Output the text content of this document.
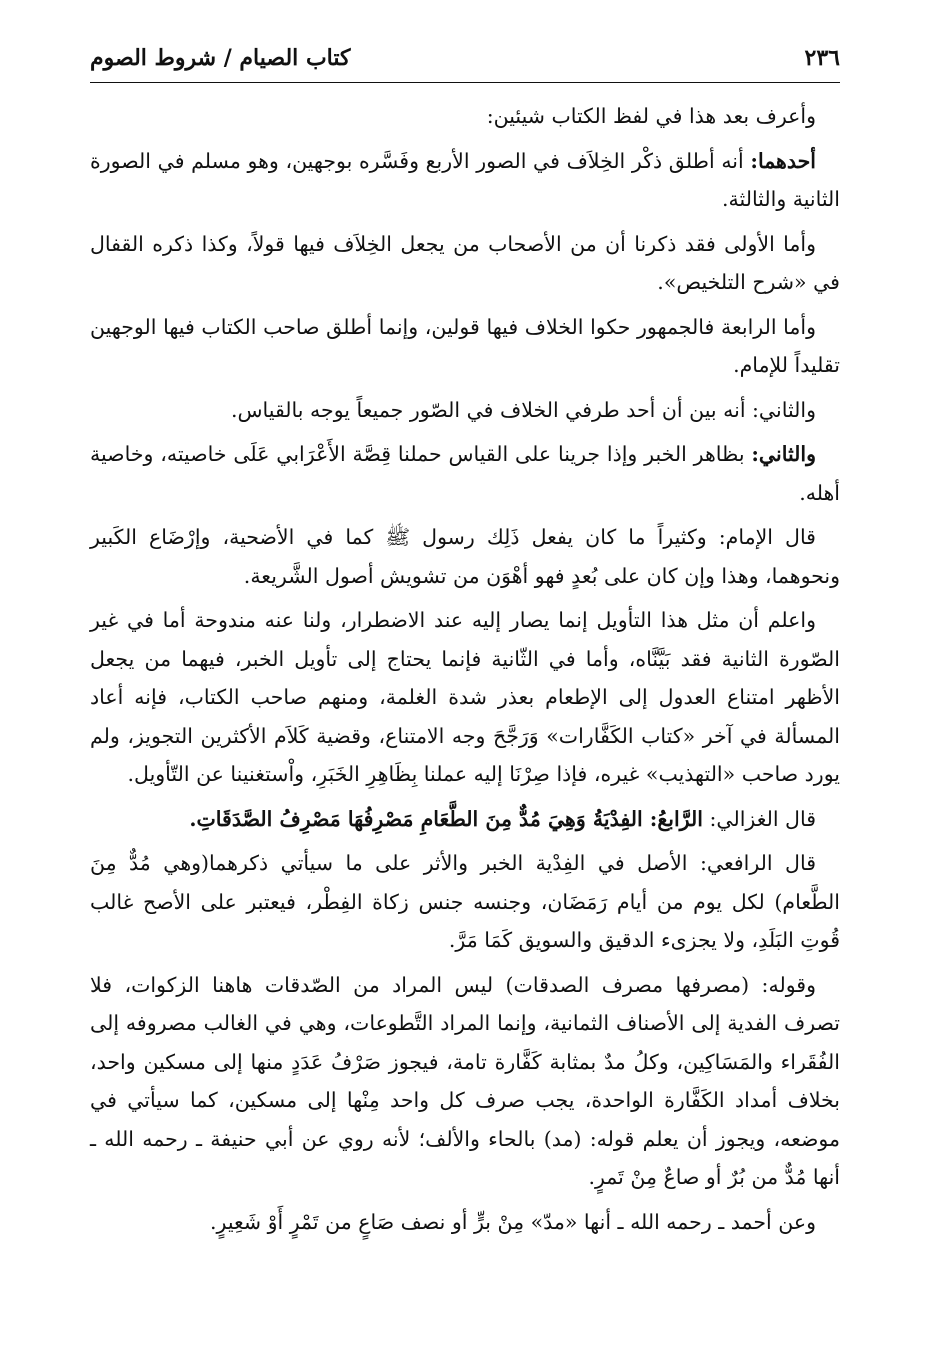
٢٣٦
كتاب الصيام / شروط الصوم

وأعرف بعد هذا في لفظ الكتاب شيئين:

أحدهما: أنه أطلق ذكْر الخِلاَف في الصور الأربع وفَسَّره بوجهين، وهو مسلم في الصورة الثانية والثالثة.

وأما الأولى فقد ذكرنا أن من الأصحاب من يجعل الخِلاَف فيها قولاً، وكذا ذكره القفال في «شرح التلخيص».

وأما الرابعة فالجمهور حكوا الخلاف فيها قولين، وإنما أطلق صاحب الكتاب فيها الوجهين تقليداً للإمام.

والثاني: أنه بين أن أحد طرفي الخلاف في الصّور جميعاً يوجه بالقياس.

والثاني: بظاهر الخبر وإذا جرينا على القياس حملنا قِصَّة الأَعْرَابي عَلَى خاصيته، وخاصية أهله.

قال الإمام: وكثيراً ما كان يفعل ذَلِك رسول ﷺ كما في الأضحية، وإرْضَاع الكَبير ونحوهما، وهذا وإن كان على بُعدٍ فهو أهْوَن من تشويش أصول الشَّريعة.

واعلم أن مثل هذا التأويل إنما يصار إليه عند الاضطرار، ولنا عنه مندوحة أما في غير الصّورة الثانية فقد بَيَّنَّاه، وأما في الثّانية فإنما يحتاج إلى تأويل الخبر، فيهما من يجعل الأظهر امتناع العدول إلى الإطعام بعذر شدة الغلمة، ومنهم صاحب الكتاب، فإنه أعاد المسألة في آخر «كتاب الكَفَّارات» وَرَجَّحَ وجه الامتناع، وقضية كَلاَم الأكثرين التجويز، ولم يورد صاحب «التهذيب» غيره، فإذا صِرْنَا إليه عملنا بِظَاهِرِ الخَبَرِ، واْستغنينا عن التّأويل.

قال الغزالي: الرَّابعُ: الفِدْيَةُ وَهِيَ مُدٌّ مِنَ الطَّعَامِ مَصْرِفُهَا مَصْرِفُ الصَّدَقَاتِ.

قال الرافعي: الأصل في الفِدْية الخبر والأثر على ما سيأتي ذكرهما(وهي مُدٌّ مِنَ الطَّعام) لكل يوم من أيام رَمَضَان، وجنسه جنس زكاة الفِطْر، فيعتبر على الأصح غالب قُوتِ البَلَدِ، ولا يجزىء الدقيق والسويق كَمَا مَرَّ.

وقوله: (مصرفها مصرف الصدقات) ليس المراد من الصّدقات هاهنا الزكوات، فلا تصرف الفدية إلى الأصناف الثمانية، وإنما المراد التَّطوعات، وهي في الغالب مصروفه إلى الفُقَراء والمَسَاكِين، وكلُ مدٌ بمثابة كَفَّارة تامة، فيجوز صَرْفُ عَدَدٍ منها إلى مسكين واحد، بخلاف أمداد الكَفَّارة الواحدة، يجب صرف كل واحد مِنْها إلى مسكين، كما سيأتي في موضعه، ويجوز أن يعلم قوله: (مد) بالحاء والألف؛ لأنه روي عن أبي حنيفة ـ رحمه الله ـ أنها مُدٌّ من بُرٌ أو صاعٌ مِنْ تَمرٍ.

وعن أحمد ـ رحمه الله ـ أنها «مدّ» مِنْ برٍّ أو نصف صَاعٍ من تَمْرٍ أَوْ شَعِيرٍ.
